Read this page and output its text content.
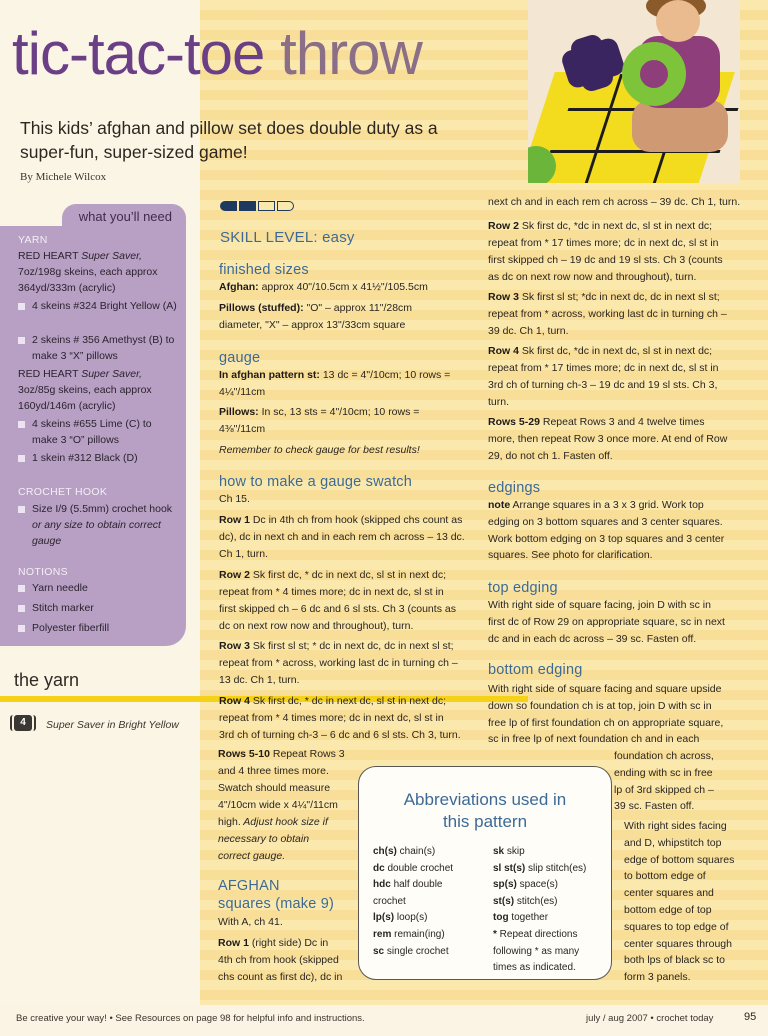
tic-tac-toe throw
This kids’ afghan and pillow set does double duty as a super-fun, super-sized game!
By Michele Wilcox
what you’ll need
YARN
RED HEART Super Saver,
7oz/198g skeins, each approx
364yd/333m (acrylic)
4 skeins #324 Bright Yellow (A)
2 skeins # 356 Amethyst (B) to make 3 “X” pillows
RED HEART Super Saver,
3oz/85g skeins, each approx
160yd/146m (acrylic)
4 skeins #655 Lime (C) to make 3 “O” pillows
1 skein #312 Black (D)
CROCHET HOOK
Size I/9 (5.5mm) crochet hook
or any size to obtain correct gauge
NOTIONS
Yarn needle
Stitch marker
Polyester fiberfill
the yarn
4	Super Saver in Bright Yellow
SKILL LEVEL: easy
finished sizes
Afghan: approx 40"/10.5cm x 41½"/105.5cm
Pillows (stuffed): "O" – approx 11"/28cm
diameter, "X" – approx 13"/33cm square
gauge
In afghan pattern st: 13 dc = 4"/10cm; 10 rows =
4¼"/11cm
Pillows: In sc, 13 sts = 4"/10cm; 10 rows =
4⅜"/11cm
Remember to check gauge for best results!
how to make a gauge swatch
Ch 15.
Row 1 Dc in 4th ch from hook (skipped chs count as
dc), dc in next ch and in each rem ch across – 13 dc.
Ch 1, turn.
Row 2 Sk first dc, * dc in next dc, sl st in next dc;
repeat from * 4 times more; dc in next dc, sl st in
first skipped ch – 6 dc and 6 sl sts. Ch 3 (counts as
dc on next row now and throughout), turn.
Row 3 Sk first sl st; * dc in next dc, dc in next sl st;
repeat from * across, working last dc in turning ch –
13 dc. Ch 1, turn.
Row 4 Sk first dc, * dc in next dc, sl st in next dc;
repeat from * 4 times more; dc in next dc, sl st in
3rd ch of turning ch-3 – 6 dc and 6 sl sts. Ch 3, turn.
Rows 5-10 Repeat Rows 3
and 4 three times more.
Swatch should measure
4"/10cm wide x 4¼"/11cm
high. Adjust hook size if
necessary to obtain
correct gauge.
AFGHAN
squares (make 9)
With A, ch 41.
Row 1 (right side) Dc in
4th ch from hook (skipped
chs count as first dc), dc in
next ch and in each rem ch across – 39 dc. Ch 1, turn.
Row 2 Sk first dc, *dc in next dc, sl st in next dc;
repeat from * 17 times more; dc in next dc, sl st in
first skipped ch – 19 dc and 19 sl sts. Ch 3 (counts
as dc on next row now and throughout), turn.
Row 3 Sk first sl st; *dc in next dc, dc in next sl st;
repeat from * across, working last dc in turning ch –
39 dc. Ch 1, turn.
Row 4 Sk first dc, *dc in next dc, sl st in next dc;
repeat from * 17 times more; dc in next dc, sl st in
3rd ch of turning ch-3 – 19 dc and 19 sl sts. Ch 3,
turn.
Rows 5-29 Repeat Rows 3 and 4 twelve times
more, then repeat Row 3 once more. At end of Row
29, do not ch 1. Fasten off.
edgings
note Arrange squares in a 3 x 3 grid. Work top
edging on 3 bottom squares and 3 center squares.
Work bottom edging on 3 top squares and 3 center
squares. See photo for clarification.
top edging
With right side of square facing, join D with sc in
first dc of Row 29 on appropriate square, sc in next
dc and in each dc across – 39 sc. Fasten off.
bottom edging
With right side of square facing and square upside
down so foundation ch is at top, join D with sc in
free lp of first foundation ch on appropriate square,
sc in free lp of next foundation ch and in each
foundation ch across,
ending with sc in free
lp of 3rd skipped ch –
39 sc. Fasten off.
With right sides facing
and D, whipstitch top
edge of bottom squares
to bottom edge of
center squares and
bottom edge of top
squares to top edge of
center squares through
both lps of black sc to
form 3 panels.
Abbreviations used in
this pattern
ch(s) chain(s)
dc double crochet
hdc half double
crochet
lp(s) loop(s)
rem remain(ing)
sc single crochet
sk skip
sl st(s) slip stitch(es)
sp(s) space(s)
st(s) stitch(es)
tog together
* Repeat directions
following * as many
times as indicated.
Be creative your way! • See Resources on page 98 for helpful info and instructions.	july / aug 2007 • crochet today	95
